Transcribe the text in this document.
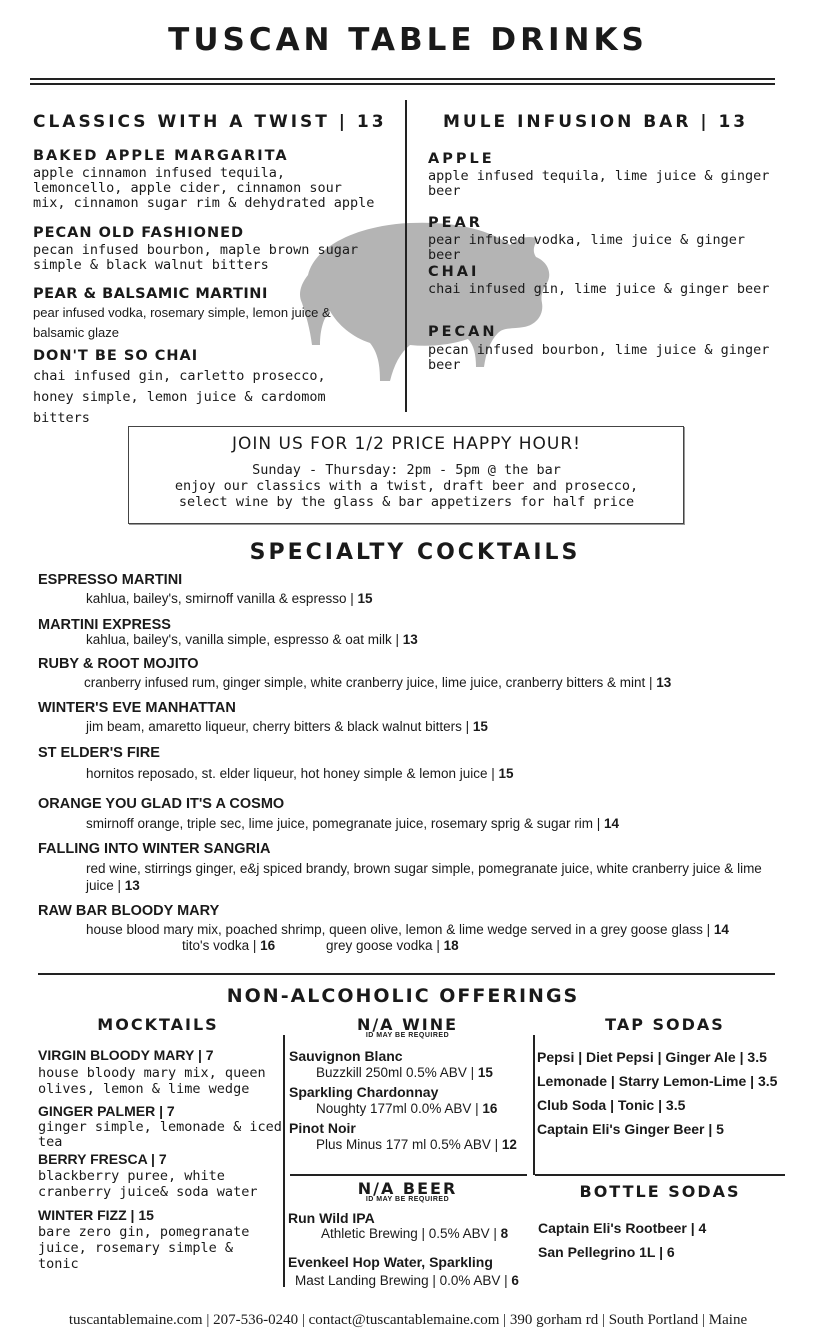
TUSCAN TABLE DRINKS
CLASSICS WITH A TWIST | 13
BAKED APPLE MARGARITA
apple cinnamon infused tequila, lemoncello, apple cider, cinnamon sour mix, cinnamon sugar rim & dehydrated apple
PECAN OLD FASHIONED
pecan infused bourbon, maple brown sugar simple & black walnut bitters
PEAR & BALSAMIC MARTINI
pear infused vodka, rosemary simple, lemon juice & balsamic glaze
DON'T BE SO CHAI
chai infused gin, carletto prosecco, honey simple, lemon juice & cardomom bitters
MULE INFUSION BAR | 13
APPLE
apple infused tequila, lime juice & ginger beer
PEAR
pear infused vodka, lime juice & ginger beer
CHAI
chai infused gin, lime juice & ginger beer
PECAN
pecan infused bourbon, lime juice & ginger beer
JOIN US FOR 1/2 PRICE HAPPY HOUR!
Sunday - Thursday: 2pm - 5pm @ the bar
enjoy our classics with a twist, draft beer and prosecco,
select wine by the glass & bar appetizers for half price
SPECIALTY COCKTAILS
ESPRESSO MARTINI
kahlua, bailey's, smirnoff vanilla & espresso | 15
MARTINI EXPRESS
kahlua, bailey's, vanilla simple, espresso & oat milk | 13
RUBY & ROOT MOJITO
cranberry infused rum, ginger simple, white cranberry juice, lime juice, cranberry bitters & mint | 13
WINTER'S EVE MANHATTAN
jim beam, amaretto liqueur, cherry bitters & black walnut bitters | 15
ST ELDER'S FIRE
hornitos reposado, st. elder liqueur, hot honey simple & lemon juice | 15
ORANGE YOU GLAD IT'S A COSMO
smirnoff orange, triple sec, lime juice, pomegranate juice, rosemary sprig & sugar rim | 14
FALLING INTO WINTER SANGRIA
red wine, stirrings ginger, e&j spiced brandy, brown sugar simple, pomegranate juice, white cranberry juice & lime juice | 13
RAW BAR BLOODY MARY
house blood mary mix, poached shrimp, queen olive, lemon & lime wedge served in a grey goose glass | 14
tito's vodka | 16	grey goose vodka | 18
NON-ALCOHOLIC OFFERINGS
MOCKTAILS
VIRGIN BLOODY MARY | 7
house bloody mary mix, queen olives, lemon & lime wedge
GINGER PALMER | 7
ginger simple, lemonade & iced tea
BERRY FRESCA | 7
blackberry puree, white cranberry juice& soda water
WINTER FIZZ | 15
bare zero gin, pomegranate juice, rosemary simple & tonic
N/A WINE
ID MAY BE REQUIRED
Sauvignon Blanc
Buzzkill 250ml 0.5% ABV | 15
Sparkling Chardonnay
Noughty 177ml 0.0% ABV | 16
Pinot Noir
Plus Minus 177 ml 0.5% ABV | 12
N/A BEER
ID MAY BE REQUIRED
Run Wild IPA
Athletic Brewing | 0.5% ABV | 8
Evenkeel Hop Water, Sparkling
Mast Landing Brewing | 0.0% ABV | 6
TAP SODAS
Pepsi | Diet Pepsi | Ginger Ale | 3.5
Lemonade | Starry Lemon-Lime | 3.5
Club Soda | Tonic | 3.5
Captain Eli's Ginger Beer | 5
BOTTLE SODAS
Captain Eli's Rootbeer | 4
San Pellegrino 1L | 6
tuscantablemaine.com | 207-536-0240 | contact@tuscantablemaine.com | 390 gorham rd | South Portland | Maine
